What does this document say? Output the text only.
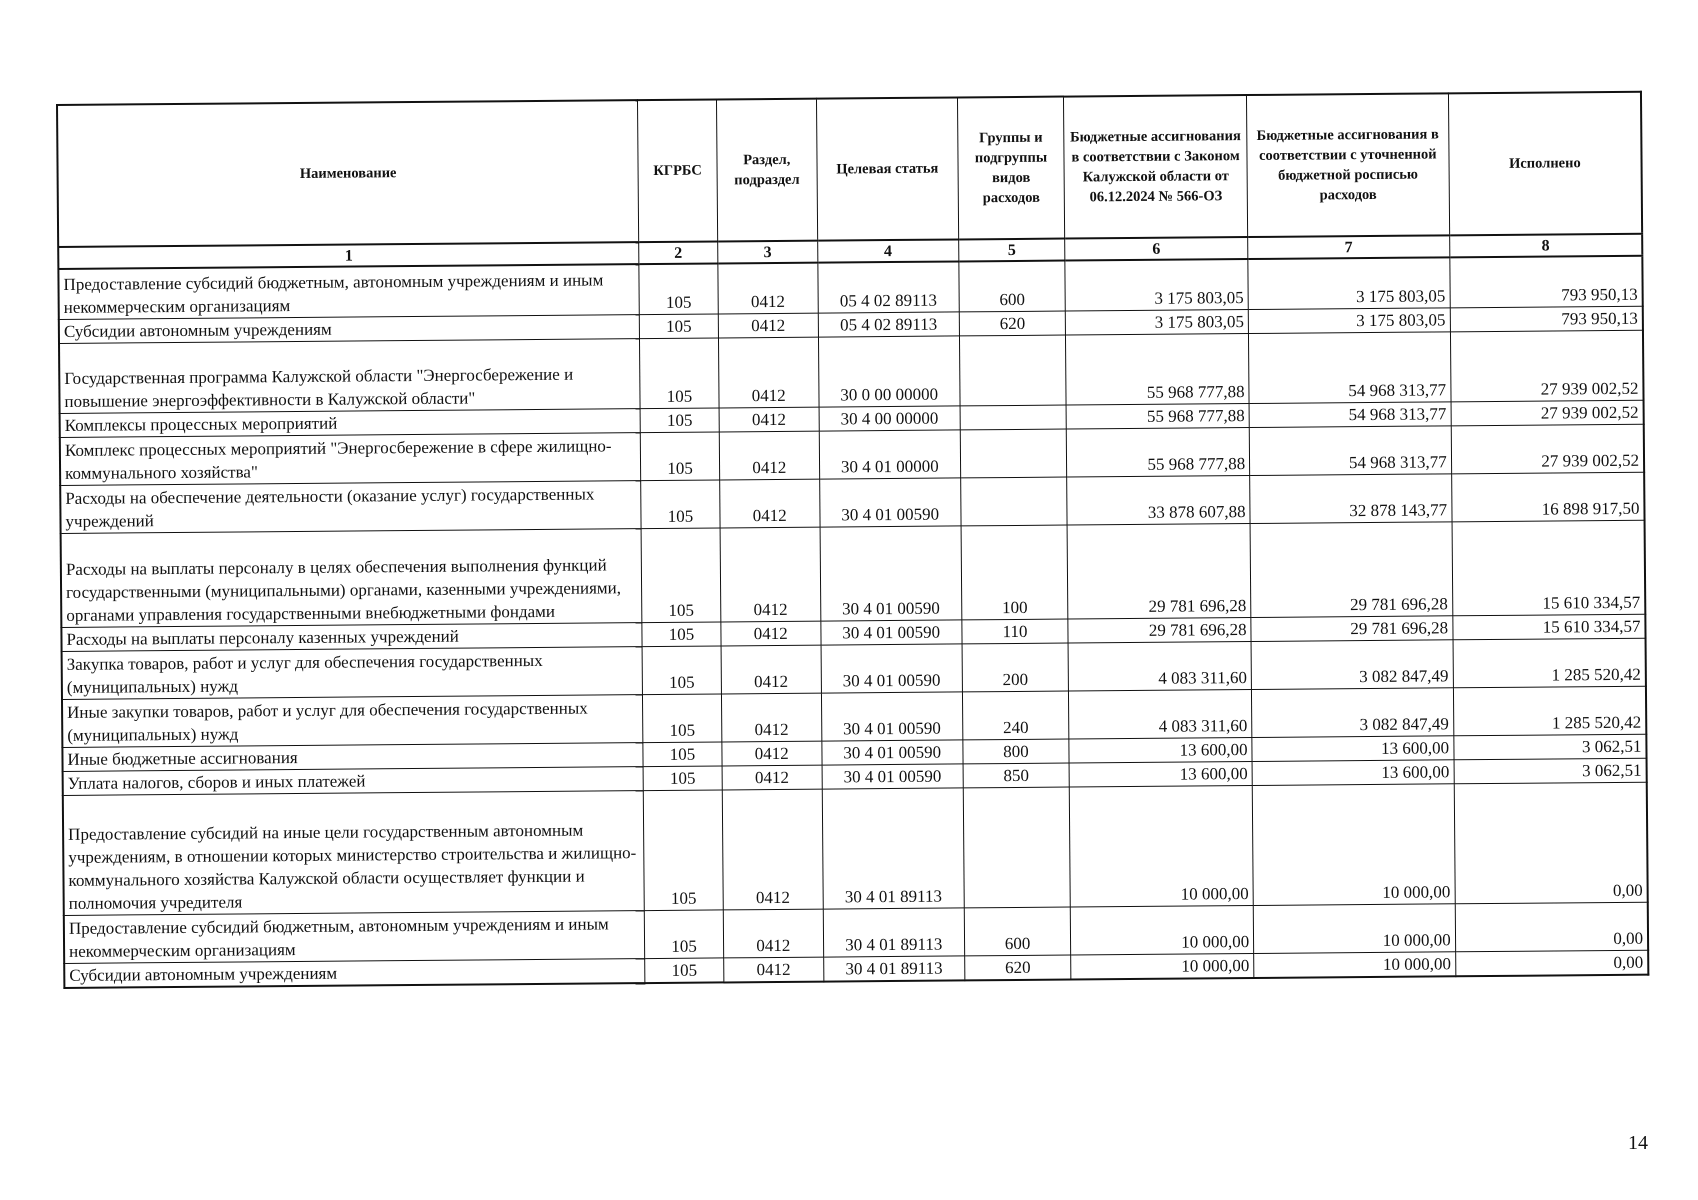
Наименование	КГРБС	Раздел, подраздел	Целевая статья	Группы и подгруппы видов расходов	Бюджетные ассигнования в соответствии с Законом Калужской области от 06.12.2024 № 566-ОЗ	Бюджетные ассигнования в соответствии с уточненной бюджетной росписью расходов	Исполнено
1	2	3	4	5	6	7	8
Предоставление субсидий бюджетным, автономным учреждениям и иным некоммерческим организациям	105	0412	05 4 02 89113	600	3 175 803,05	3 175 803,05	793 950,13
Субсидии автономным учреждениям	105	0412	05 4 02 89113	620	3 175 803,05	3 175 803,05	793 950,13
Государственная программа Калужской области "Энергосбережение и повышение энергоэффективности в Калужской области"	105	0412	30 0 00 00000		55 968 777,88	54 968 313,77	27 939 002,52
Комплексы процессных мероприятий	105	0412	30 4 00 00000		55 968 777,88	54 968 313,77	27 939 002,52
Комплекс процессных мероприятий "Энергосбережение в сфере жилищно-коммунального хозяйства"	105	0412	30 4 01 00000		55 968 777,88	54 968 313,77	27 939 002,52
Расходы на обеспечение деятельности (оказание услуг) государственных учреждений	105	0412	30 4 01 00590		33 878 607,88	32 878 143,77	16 898 917,50
Расходы на выплаты персоналу в целях обеспечения выполнения функций государственными (муниципальными) органами, казенными учреждениями, органами управления государственными внебюджетными фондами	105	0412	30 4 01 00590	100	29 781 696,28	29 781 696,28	15 610 334,57
Расходы на выплаты персоналу казенных учреждений	105	0412	30 4 01 00590	110	29 781 696,28	29 781 696,28	15 610 334,57
Закупка товаров, работ и услуг для обеспечения государственных (муниципальных) нужд	105	0412	30 4 01 00590	200	4 083 311,60	3 082 847,49	1 285 520,42
Иные закупки товаров, работ и услуг для обеспечения государственных (муниципальных) нужд	105	0412	30 4 01 00590	240	4 083 311,60	3 082 847,49	1 285 520,42
Иные бюджетные ассигнования	105	0412	30 4 01 00590	800	13 600,00	13 600,00	3 062,51
Уплата налогов, сборов и иных платежей	105	0412	30 4 01 00590	850	13 600,00	13 600,00	3 062,51
Предоставление субсидий на иные цели государственным автономным учреждениям, в отношении которых министерство строительства и жилищно-коммунального хозяйства Калужской области осуществляет функции и полномочия учредителя	105	0412	30 4 01 89113		10 000,00	10 000,00	0,00
Предоставление субсидий бюджетным, автономным учреждениям и иным некоммерческим организациям	105	0412	30 4 01 89113	600	10 000,00	10 000,00	0,00
Субсидии автономным учреждениям	105	0412	30 4 01 89113	620	10 000,00	10 000,00	0,00
14
